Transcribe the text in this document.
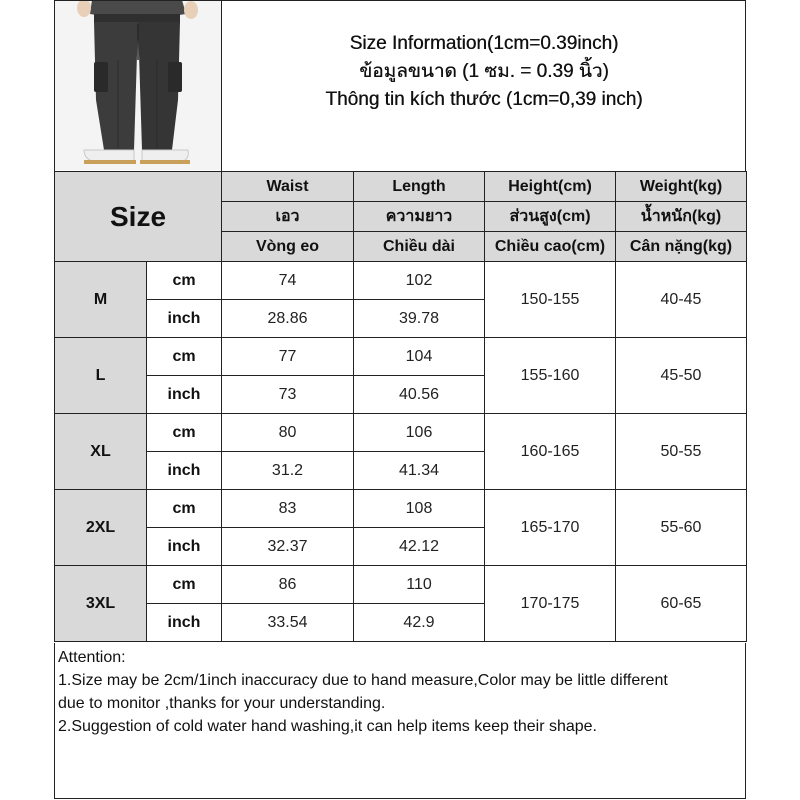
Size Information(1cm=0.39inch)
ข้อมูลขนาด (1 ซม. = 0.39 นิ้ว)
Thông tin kích thước (1cm=0,39 inch)
Size		Waist	Length	Height(cm)	Weight(kg)
		เอว	ความยาว	ส่วนสูง(cm)	น้ำหนัก(kg)
		Vòng eo	Chiều dài	Chiều cao(cm)	Cân nặng(kg)
M	cm	74	102	150-155	40-45
	inch	28.86	39.78		
L	cm	77	104	155-160	45-50
	inch	73	40.56		
XL	cm	80	106	160-165	50-55
	inch	31.2	41.34		
2XL	cm	83	108	165-170	55-60
	inch	32.37	42.12		
3XL	cm	86	110	170-175	60-65
	inch	33.54	42.9		
Attention:
1.Size may be 2cm/1inch inaccuracy due to hand measure,Color may be little different
due to monitor ,thanks for your understanding.
2.Suggestion of cold water hand washing,it can help items keep their shape.
